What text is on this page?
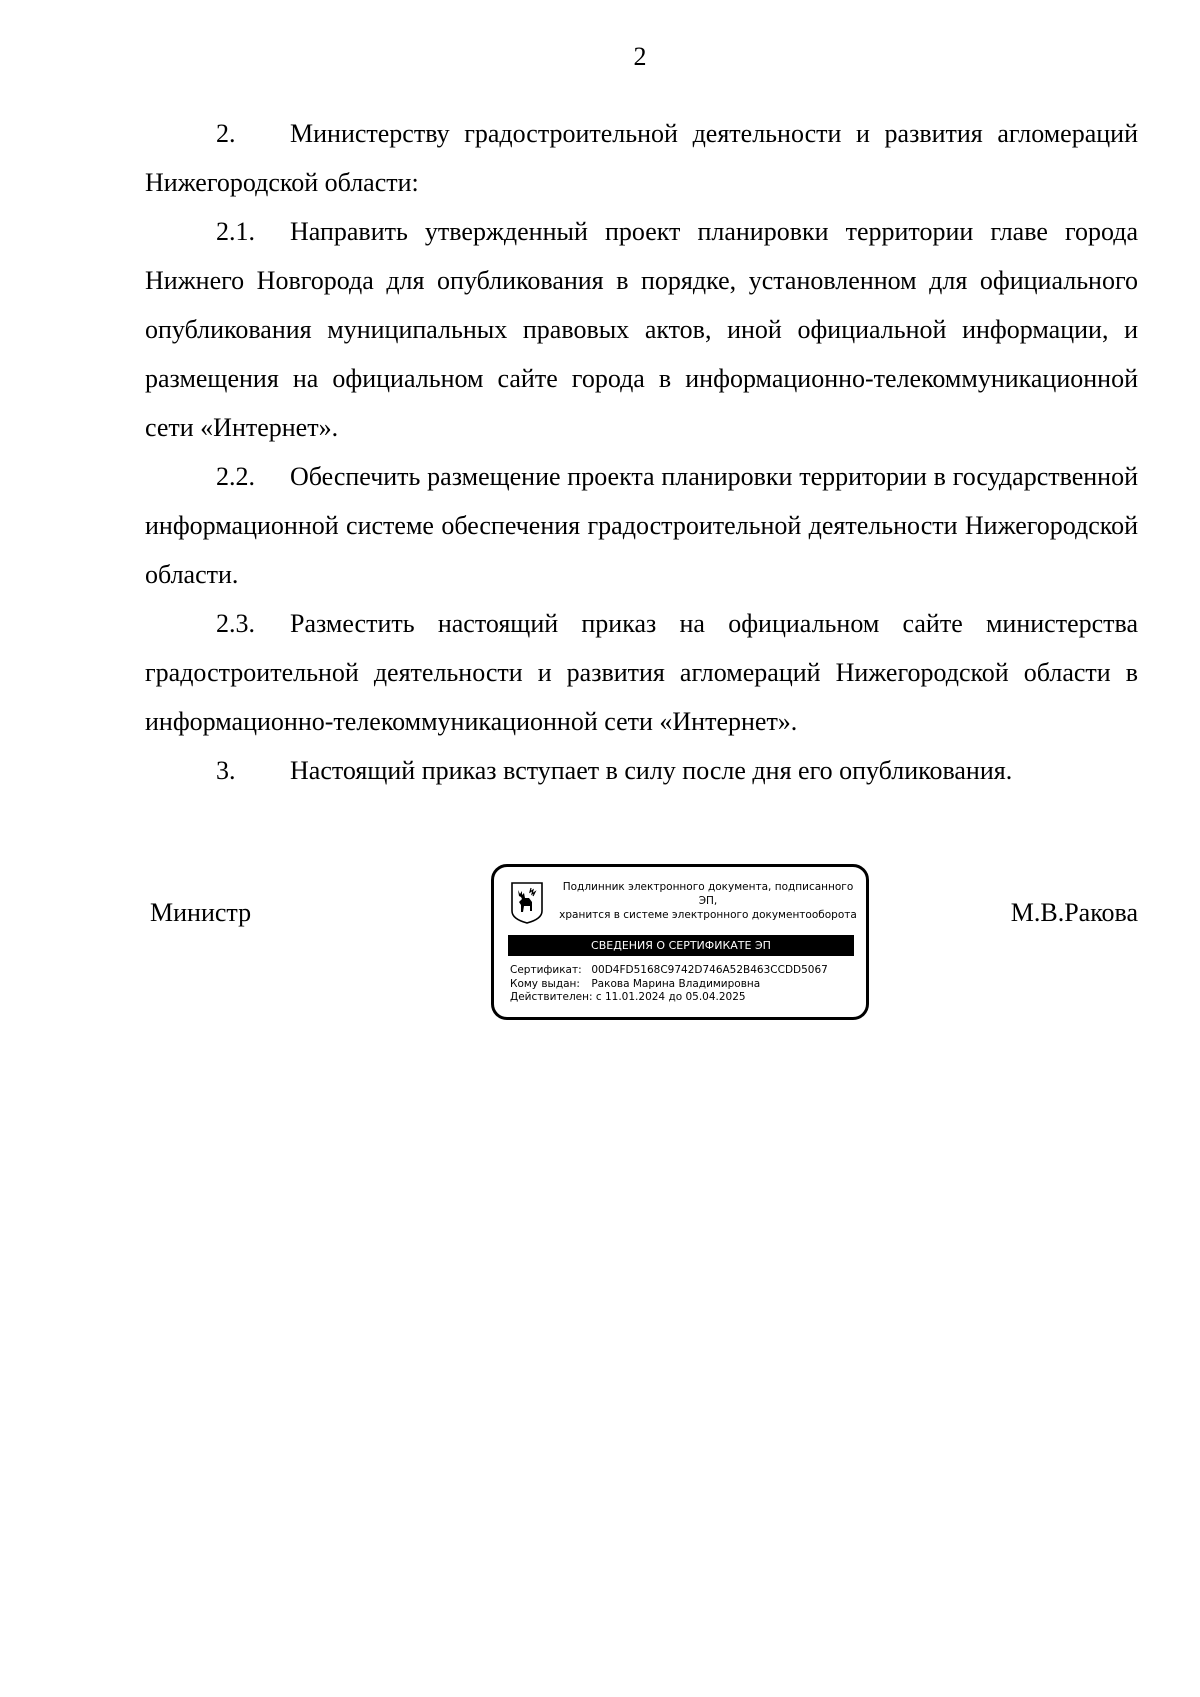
2

2. Министерству градостроительной деятельности и развития агломераций Нижегородской области:

2.1. Направить утвержденный проект планировки территории главе города Нижнего Новгорода для опубликования в порядке, установленном для официального опубликования муниципальных правовых актов, иной официальной информации, и размещения на официальном сайте города в информационно-телекоммуникационной сети «Интернет».

2.2. Обеспечить размещение проекта планировки территории в государственной информационной системе обеспечения градостроительной деятельности Нижегородской области.

2.3. Разместить настоящий приказ на официальном сайте министерства градостроительной деятельности и развития агломераций Нижегородской области в информационно-телекоммуникационной сети «Интернет».

3. Настоящий приказ вступает в силу после дня его опубликования.

Министр
Подлинник электронного документа, подписанного ЭП,
хранится в системе электронного документооборота
СВЕДЕНИЯ О СЕРТИФИКАТЕ ЭП
Сертификат: 00D4FD5168C9742D746A52B463CCDD5067
Кому выдан: Ракова Марина Владимировна
Действителен: с 11.01.2024 до 05.04.2025
М.В.Ракова
